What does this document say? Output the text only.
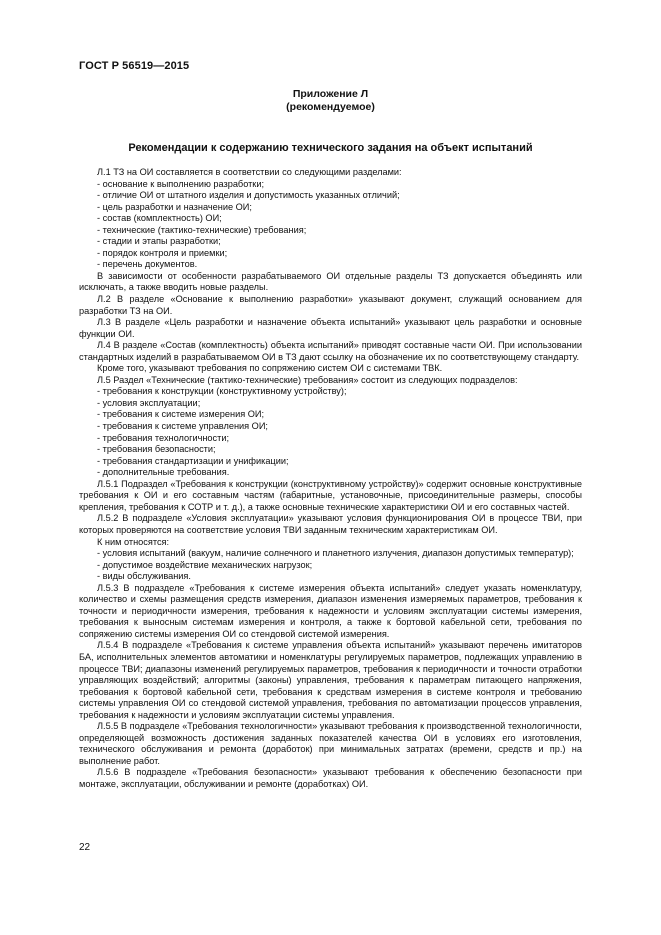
ГОСТ Р 56519—2015
Приложение Л
(рекомендуемое)
Рекомендации к содержанию технического задания на объект испытаний

Л.1 ТЗ на ОИ составляется в соответствии со следующими разделами:

- основание к выполнению разработки;

- отличие ОИ от штатного изделия и допустимость указанных отличий;

- цель разработки и назначение ОИ;

- состав (комплектность) ОИ;

- технические (тактико-технические) требования;

- стадии и этапы разработки;

- порядок контроля и приемки;

- перечень документов.

В зависимости от особенности разрабатываемого ОИ отдельные разделы ТЗ допускается объединять или исключать, а также вводить новые разделы.

Л.2 В разделе «Основание к выполнению разработки» указывают документ, служащий основанием для разработки ТЗ на ОИ.

Л.3 В разделе «Цель разработки и назначение объекта испытаний» указывают цель разработки и основные функции ОИ.

Л.4 В разделе «Состав (комплектность) объекта испытаний» приводят составные части ОИ. При использовании стандартных изделий в разрабатываемом ОИ в ТЗ дают ссылку на обозначение их по соответствующему стандарту.

Кроме того, указывают требования по сопряжению систем ОИ с системами ТВК.

Л.5 Раздел «Технические (тактико-технические) требования» состоит из следующих подразделов:

- требования к конструкции (конструктивному устройству);

- условия эксплуатации;

- требования к системе измерения ОИ;

- требования к системе управления ОИ;

- требования технологичности;

- требования безопасности;

- требования стандартизации и унификации;

- дополнительные требования.

Л.5.1 Подраздел «Требования к конструкции (конструктивному устройству)» содержит основные конструктивные требования к ОИ и его составным частям (габаритные, установочные, присоединительные размеры, способы крепления, требования к СОТР и т. д.), а также основные технические характеристики ОИ и его составных частей.

Л.5.2 В подразделе «Условия эксплуатации» указывают условия функционирования ОИ в процессе ТВИ, при которых проверяются на соответствие условия ТВИ заданным техническим характеристикам ОИ.

К ним относятся:

- условия испытаний (вакуум, наличие солнечного и планетного излучения, диапазон допустимых температур);

- допустимое воздействие механических нагрузок;

- виды обслуживания.

Л.5.3 В подразделе «Требования к системе измерения объекта испытаний» следует указать номенклатуру, количество и схемы размещения средств измерения, диапазон изменения измеряемых параметров, требования к точности и периодичности измерения, требования к надежности и условиям эксплуатации системы измерения, требования к выносным системам измерения и контроля, а также к бортовой кабельной сети, требования по сопряжению системы измерения ОИ со стендовой системой измерения.

Л.5.4 В подразделе «Требования к системе управления объекта испытаний» указывают перечень имитаторов БА, исполнительных элементов автоматики и номенклатуры регулируемых параметров, подлежащих управлению в процессе ТВИ; диапазоны изменений регулируемых параметров, требования к периодичности и точности отработки управляющих воздействий; алгоритмы (законы) управления, требования к параметрам питающего напряжения, требования к бортовой кабельной сети, требования к средствам измерения в системе контроля и требованию системы управления ОИ со стендовой системой управления, требования по автоматизации процессов управления, требования к надежности и условиям эксплуатации системы управления.

Л.5.5 В подразделе «Требования технологичности» указывают требования к производственной технологичности, определяющей возможность достижения заданных показателей качества ОИ в условиях его изготовления, технического обслуживания и ремонта (доработок) при минимальных затратах (времени, средств и пр.) на выполнение работ.

Л.5.6 В подразделе «Требования безопасности» указывают требования к обеспечению безопасности при монтаже, эксплуатации, обслуживании и ремонте (доработках) ОИ.

22
